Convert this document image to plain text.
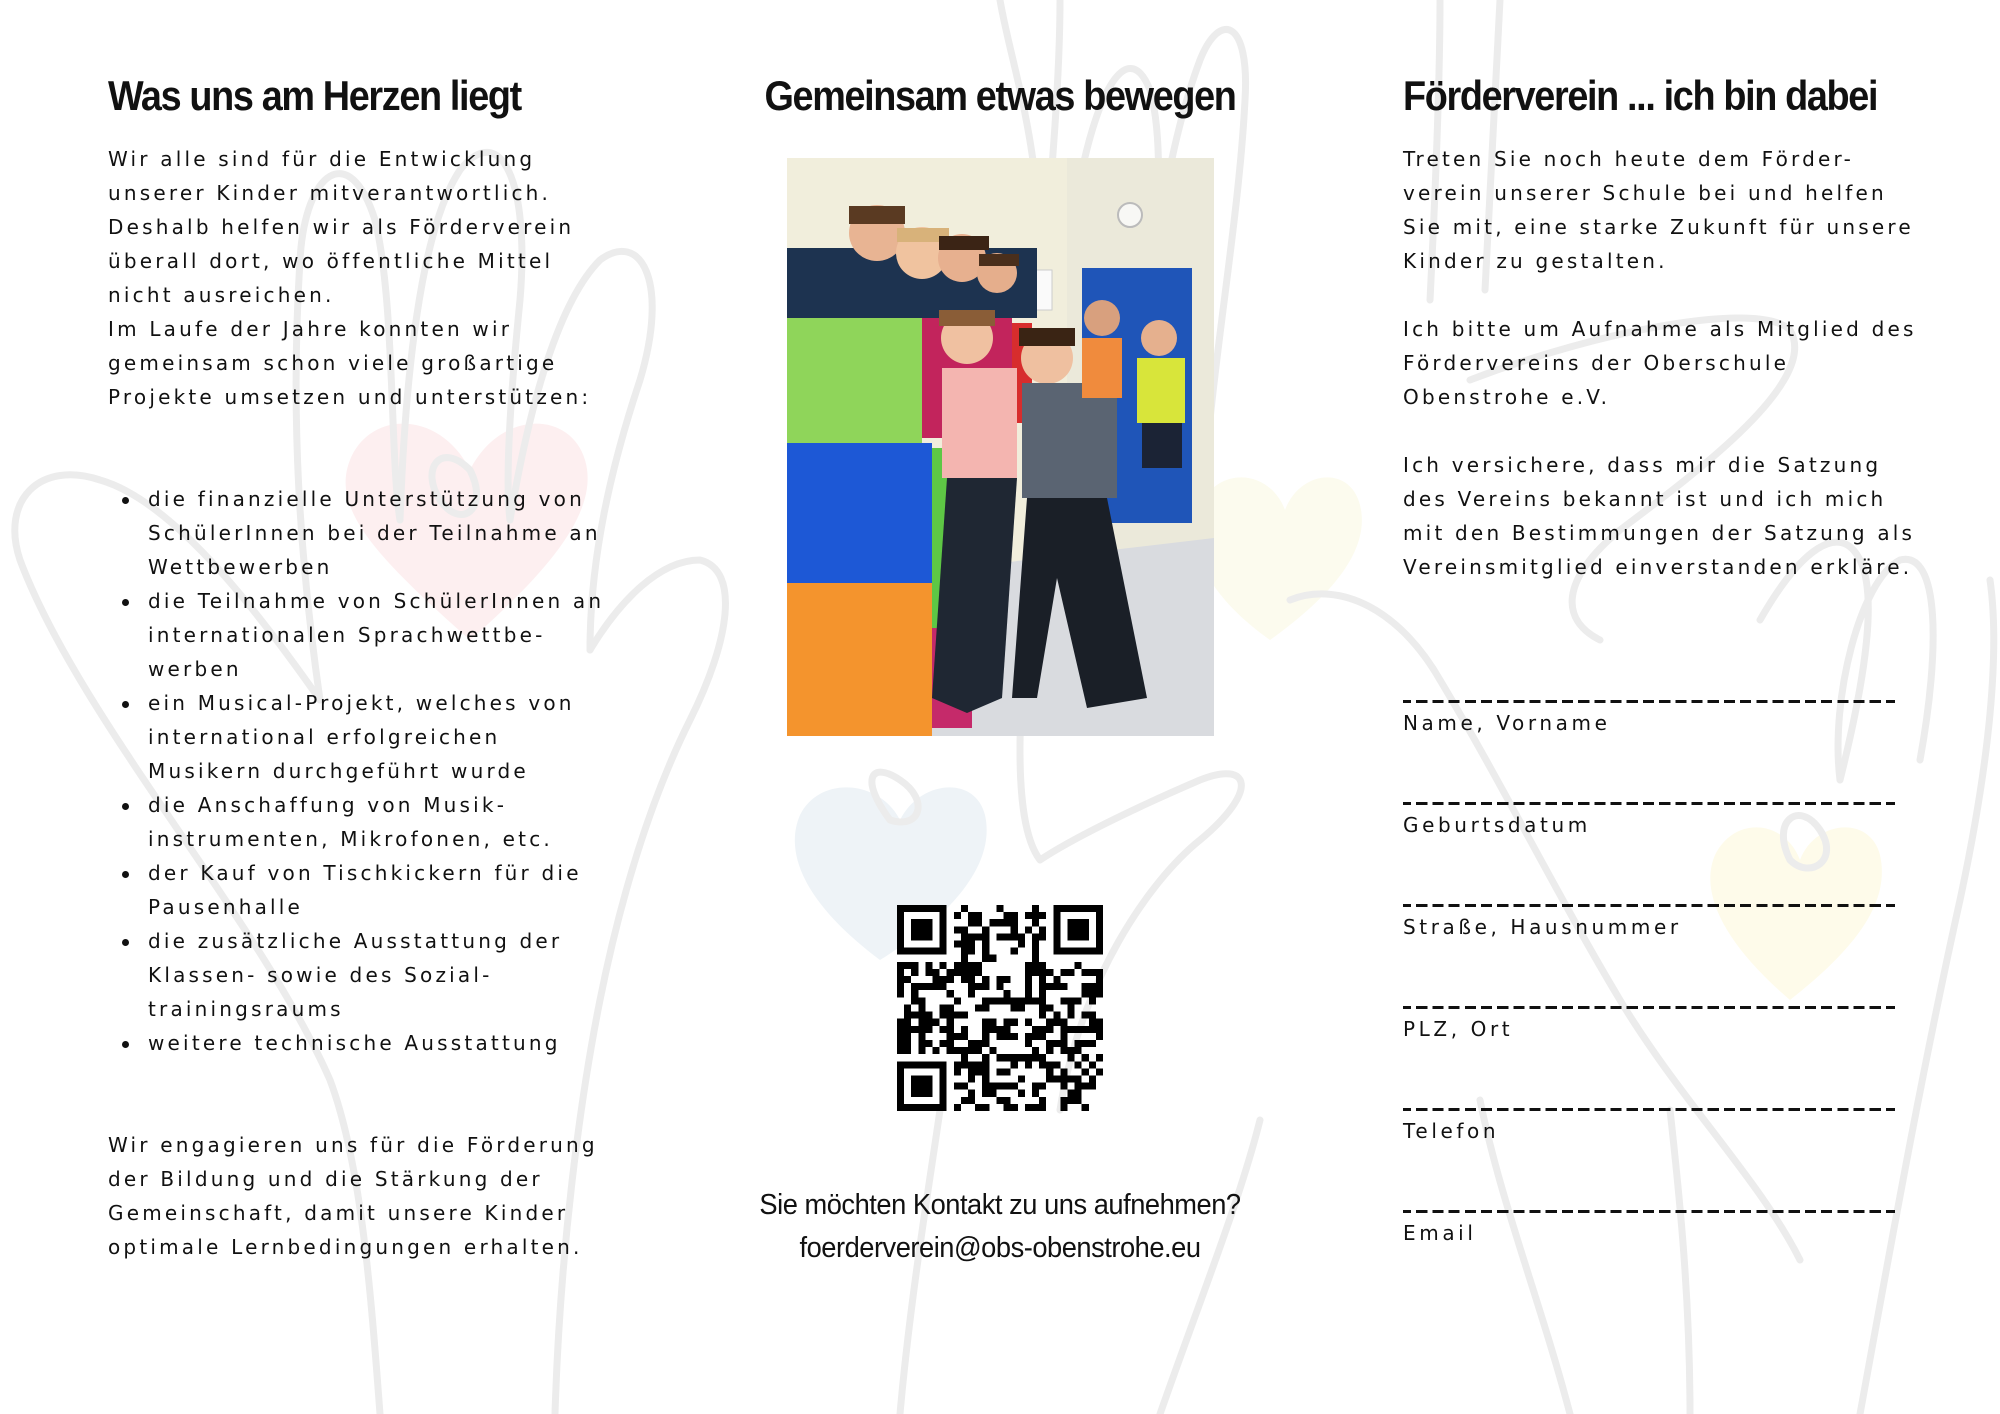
Was uns am Herzen liegt

Wir alle sind für die Entwicklung
unserer Kinder mitverantwortlich.
Deshalb helfen wir als Förderverein
überall dort, wo öffentliche Mittel
nicht ausreichen.
Im Laufe der Jahre konnten wir
gemeinsam schon viele großartige
Projekte umsetzen und unterstützen:

die finanzielle Unterstützung von
SchülerInnen bei der Teilnahme an
Wettbewerben
die Teilnahme von SchülerInnen an
internationalen Sprachwettbe-
werben
ein Musical-Projekt, welches von
international erfolgreichen
Musikern durchgeführt wurde
die Anschaffung von Musik-
instrumenten, Mikrofonen, etc.
der Kauf von Tischkickern für die
Pausenhalle
die zusätzliche Ausstattung der
Klassen- sowie des Sozial-
trainingsraums
weitere technische Ausstattung

Wir engagieren uns für die Förderung
der Bildung und die Stärkung der
Gemeinschaft, damit unsere Kinder
optimale Lernbedingungen erhalten.

Gemeinsam etwas bewegen
Sie möchten Kontakt zu uns aufnehmen?
foerderverein@obs-obenstrohe.eu
Förderverein ... ich bin dabei

Treten Sie noch heute dem Förder-
verein unserer Schule bei und helfen
Sie mit, eine starke Zukunft für unsere
Kinder zu gestalten.

Ich bitte um Aufnahme als Mitglied des
Fördervereins der Oberschule
Obenstrohe e.V.

Ich versichere, dass mir die Satzung
des Vereins bekannt ist und ich mich
mit den Bestimmungen der Satzung als
Vereinsmitglied einverstanden erkläre.

Name, Vorname
Geburtsdatum
Straße, Hausnummer
PLZ, Ort
Telefon
Email
